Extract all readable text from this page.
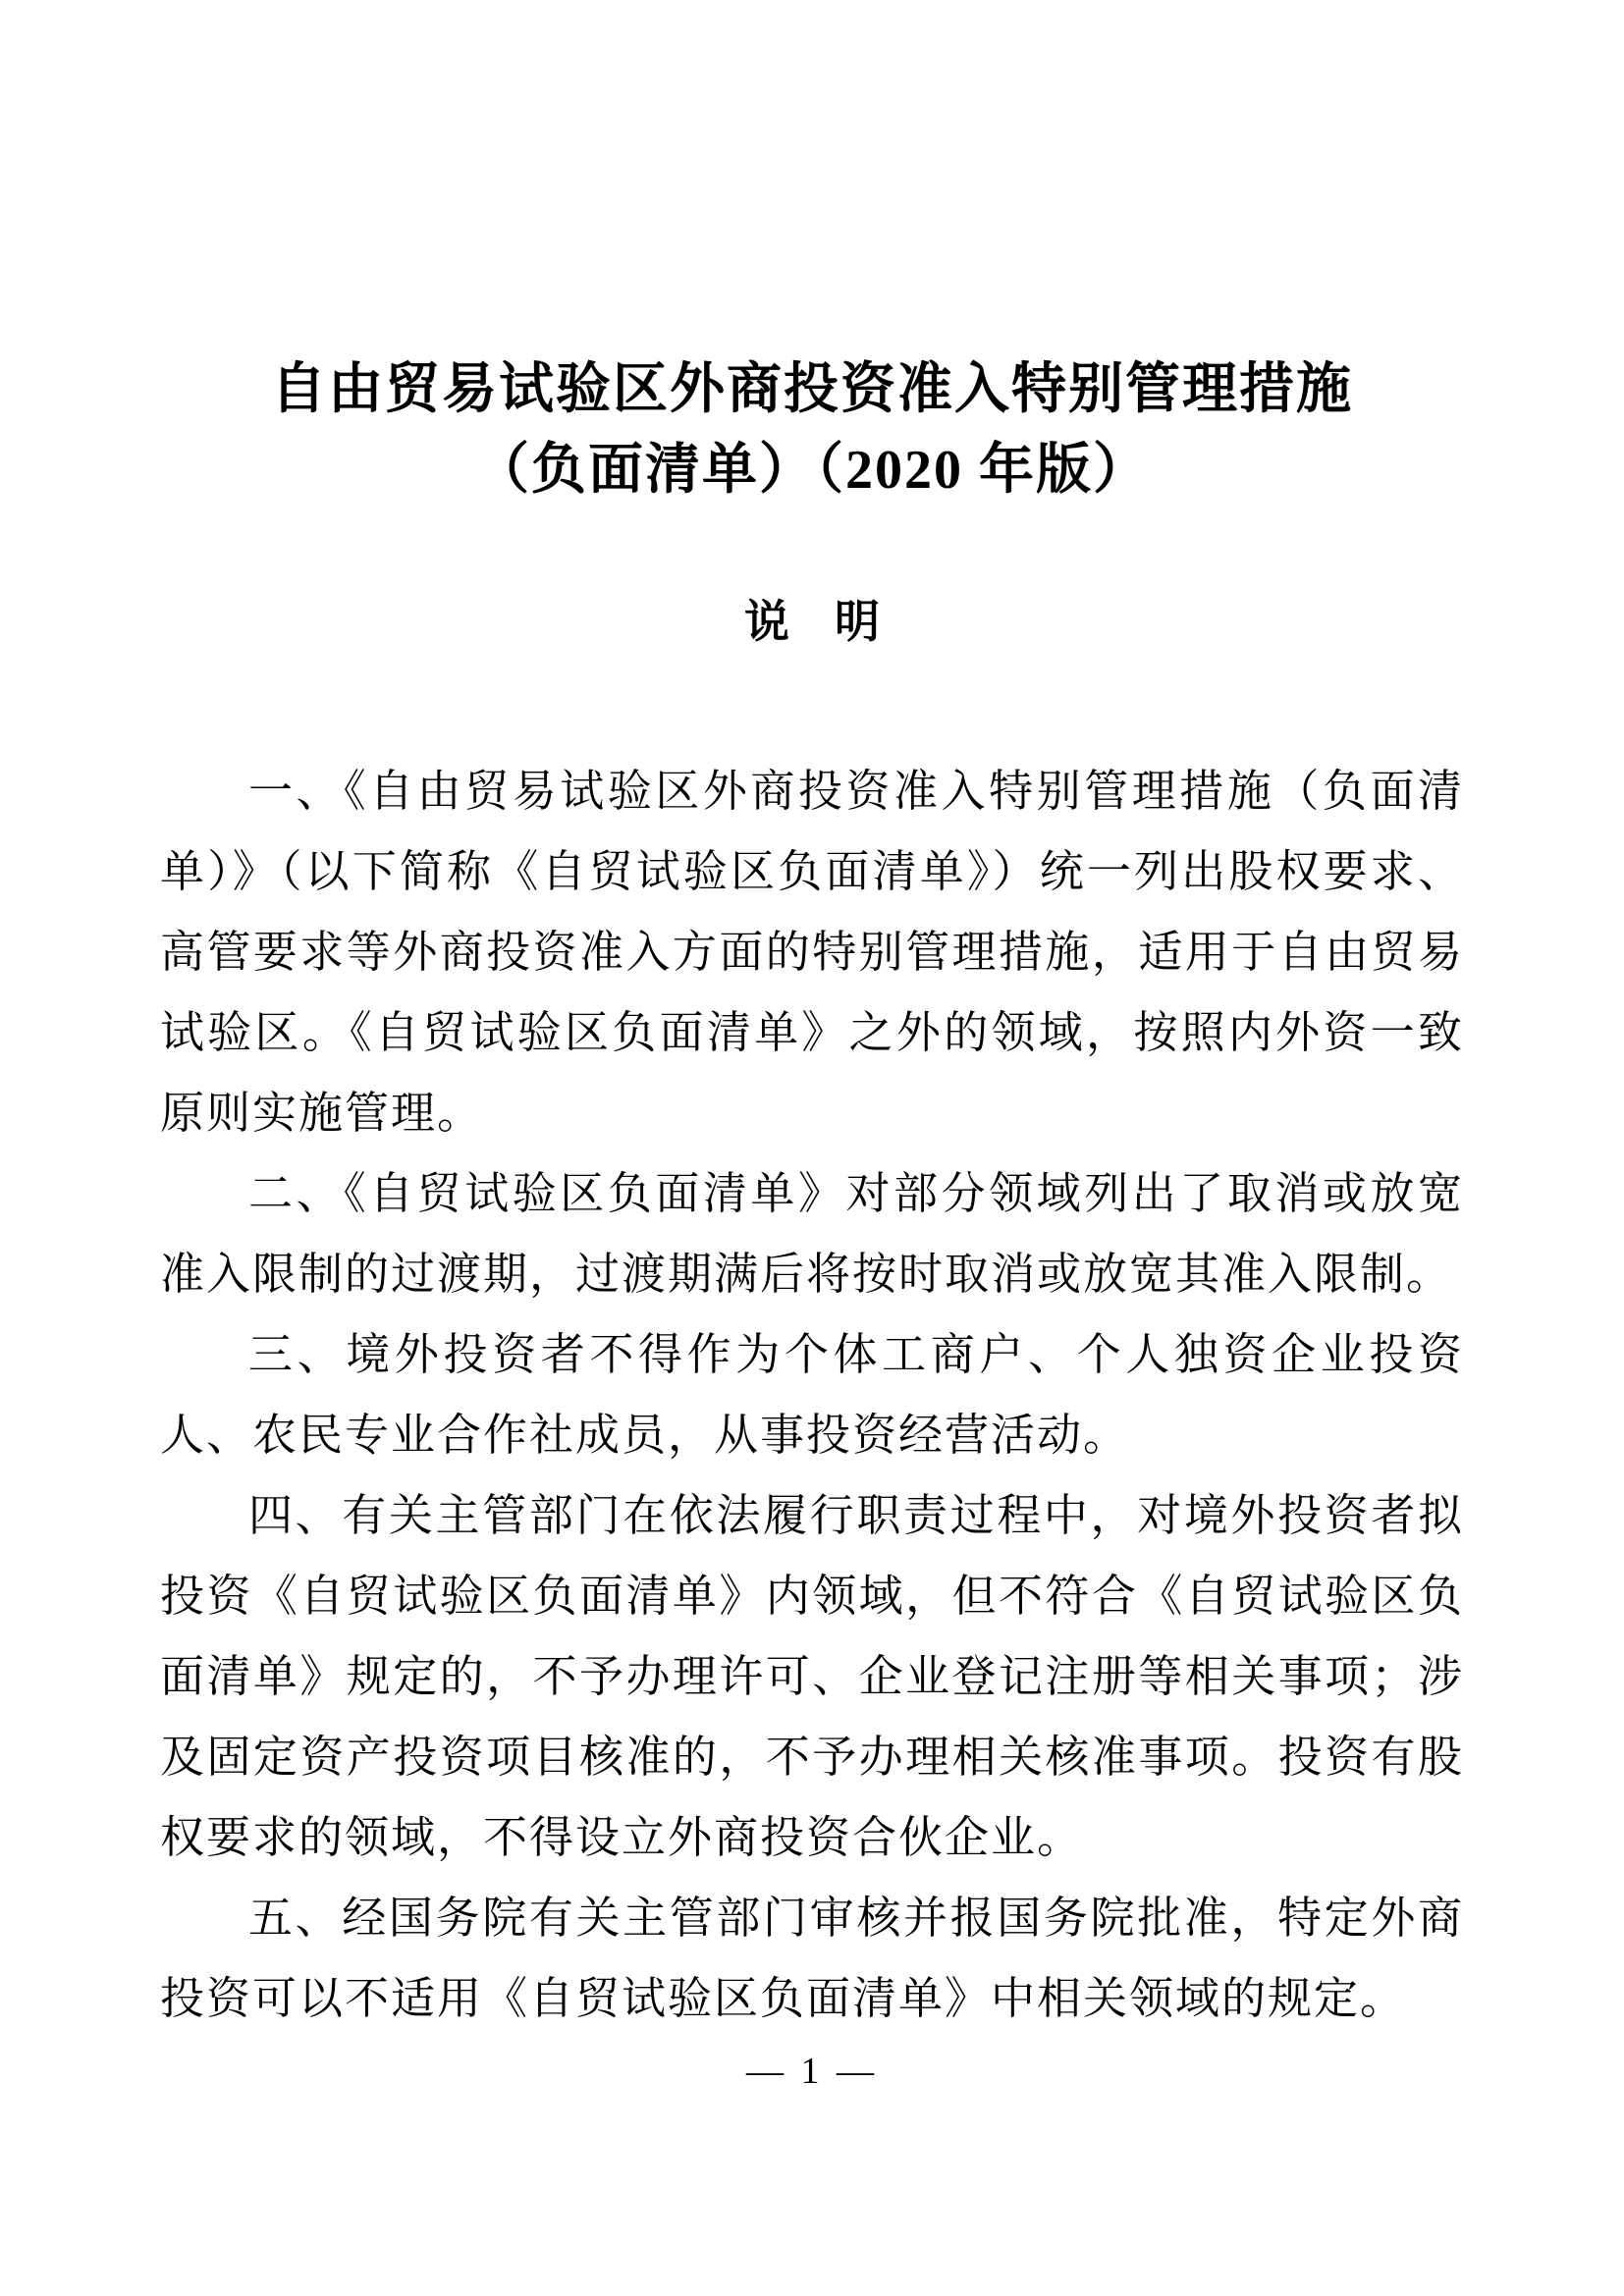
自由贸易试验区外商投资准入特别管理措施
（负面清单）（2020 年版）
说　明

一、《自由贸易试验区外商投资准入特别管理措施（负面清单）》（以下简称《自贸试验区负面清单》）统一列出股权要求、高管要求等外商投资准入方面的特别管理措施，适用于自由贸易试验区。《自贸试验区负面清单》之外的领域，按照内外资一致原则实施管理。

二、《自贸试验区负面清单》对部分领域列出了取消或放宽准入限制的过渡期，过渡期满后将按时取消或放宽其准入限制。

三、境外投资者不得作为个体工商户、个人独资企业投资人、农民专业合作社成员，从事投资经营活动。

四、有关主管部门在依法履行职责过程中，对境外投资者拟投资《自贸试验区负面清单》内领域，但不符合《自贸试验区负面清单》规定的，不予办理许可、企业登记注册等相关事项；涉及固定资产投资项目核准的，不予办理相关核准事项。投资有股权要求的领域，不得设立外商投资合伙企业。

五、经国务院有关主管部门审核并报国务院批准，特定外商投资可以不适用《自贸试验区负面清单》中相关领域的规定。

— 1 —
